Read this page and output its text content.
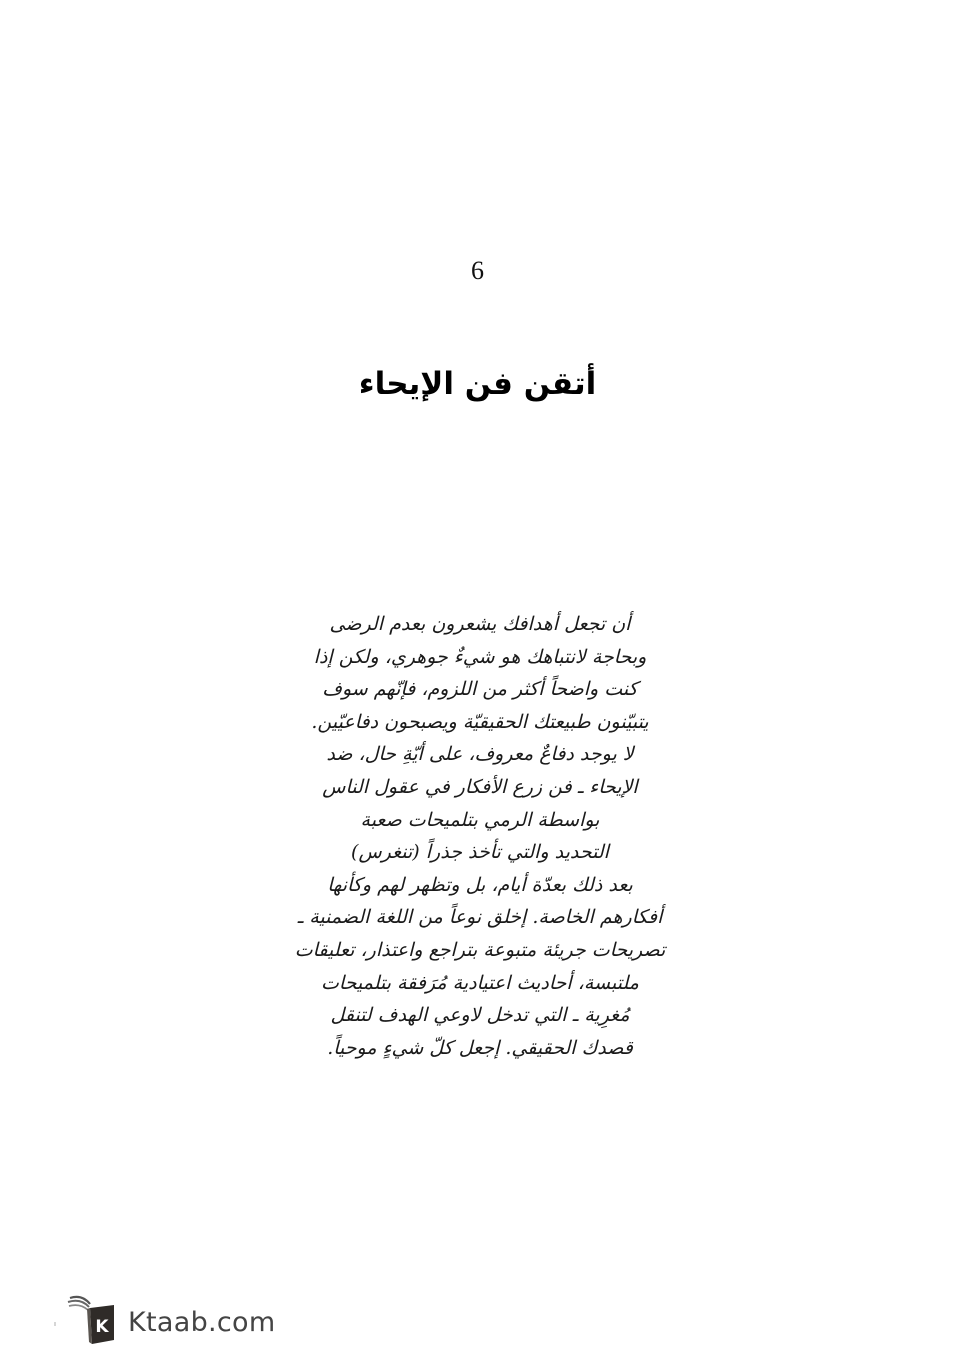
6
أتقن فن الإيحاء
أن تجعل أهدافك يشعرون بعدم الرضى
وبحاجة لانتباهك هو شيءٌ جوهري، ولكن إذا
كنت واضحاً أكثر من اللزوم، فإنّهم سوف
يتبيّنون طبيعتك الحقيقيّة ويصبحون دفاعيّين.
لا يوجد دفاعٌ معروف، على أيّةِ حال، ضد
الإيحاء ـ فن زرع الأفكار في عقول الناس
بواسطة الرمي بتلميحات صعبة
التحديد والتي تأخذ جذراً (تنغرس)
بعد ذلك بعدّة أيام، بل وتظهر لهم وكأنها
أفكارهم الخاصة. إخلق نوعاً من اللغة الضمنية ـ
تصريحات جريئة متبوعة بتراجع واعتذار، تعليقات
ملتبسة، أحاديث اعتيادية مُرَفقة بتلميحات
مُغرِية ـ التي تدخل لاوعي الهدف لتنقل
قصدك الحقيقي. إجعل كلّ شيءٍ موحياً.
K Ktaab.com
